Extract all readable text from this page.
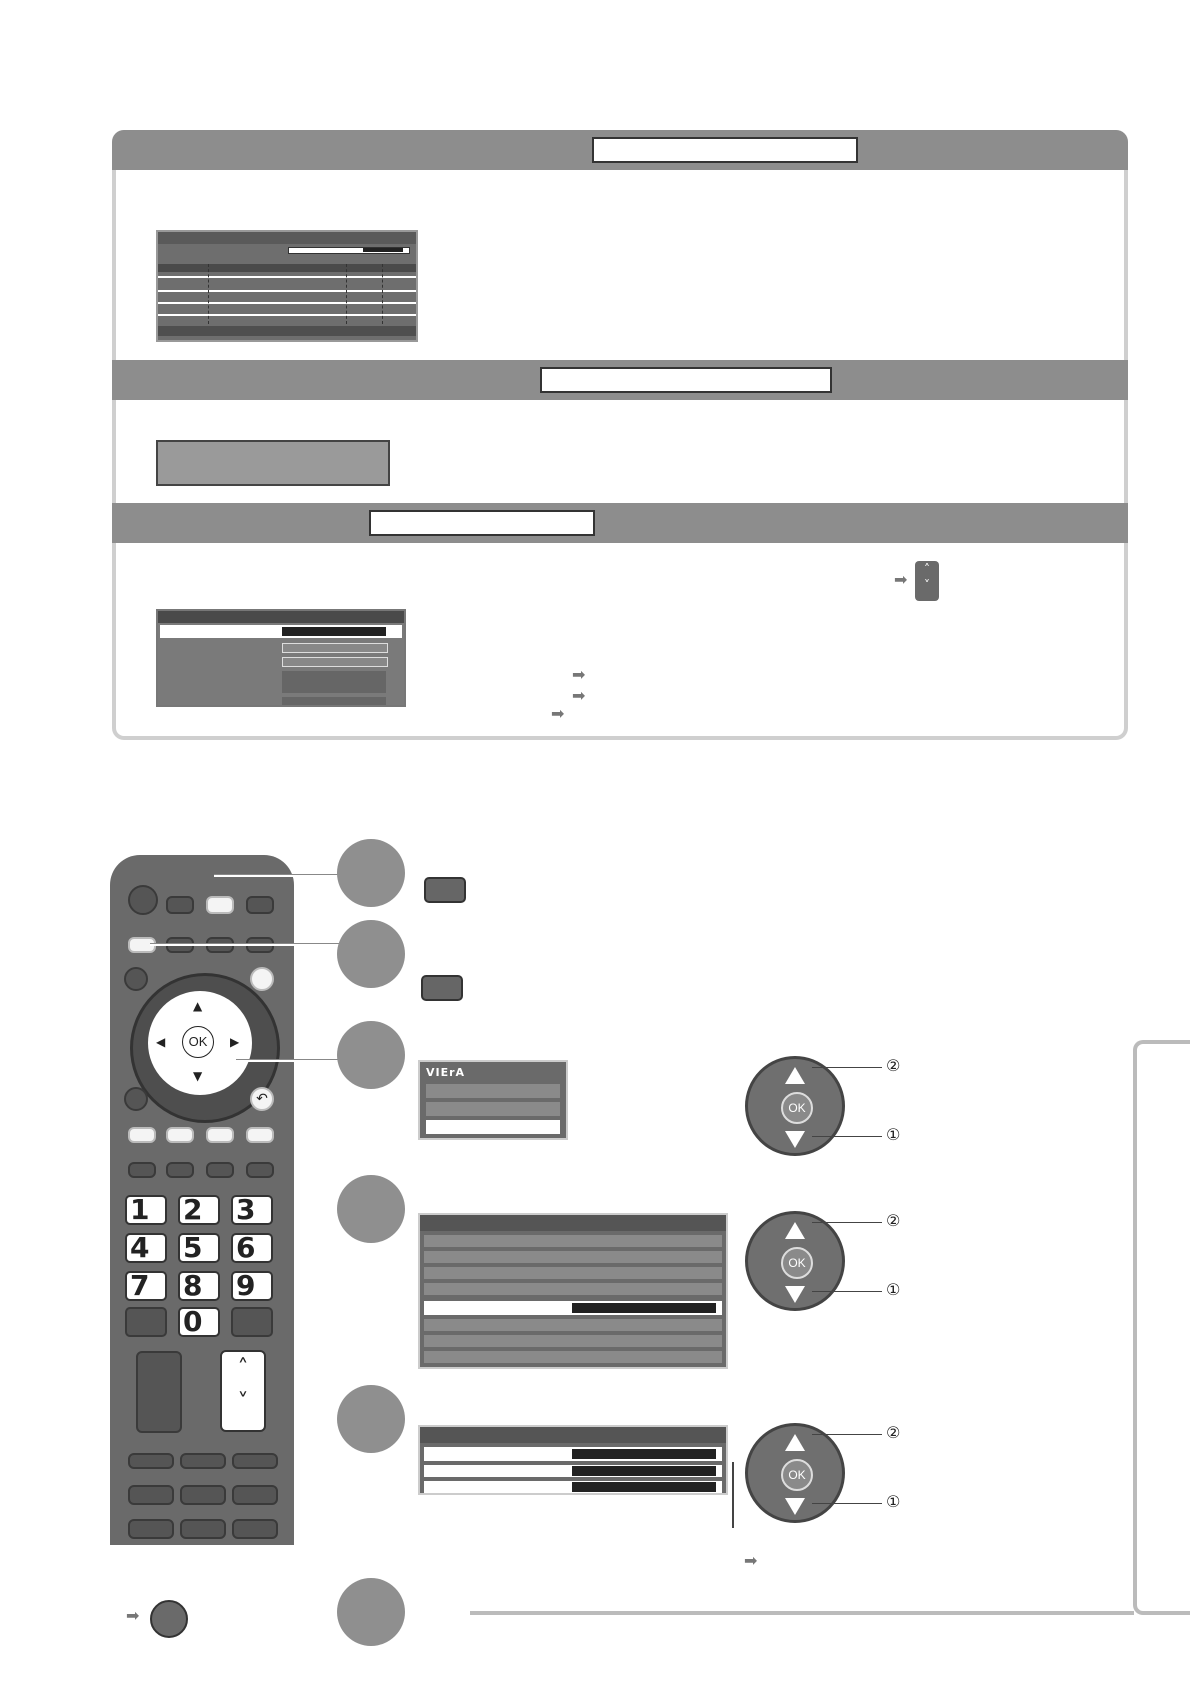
➡
˄
˅
➡
➡
➡
▲
▼
◀	▶
OK
↶
1	2	3
4	5	6
7	8	9
0
˄
˅
VIErA
➡
OK
②
①
OK
②
①
OK
②
①
➡
